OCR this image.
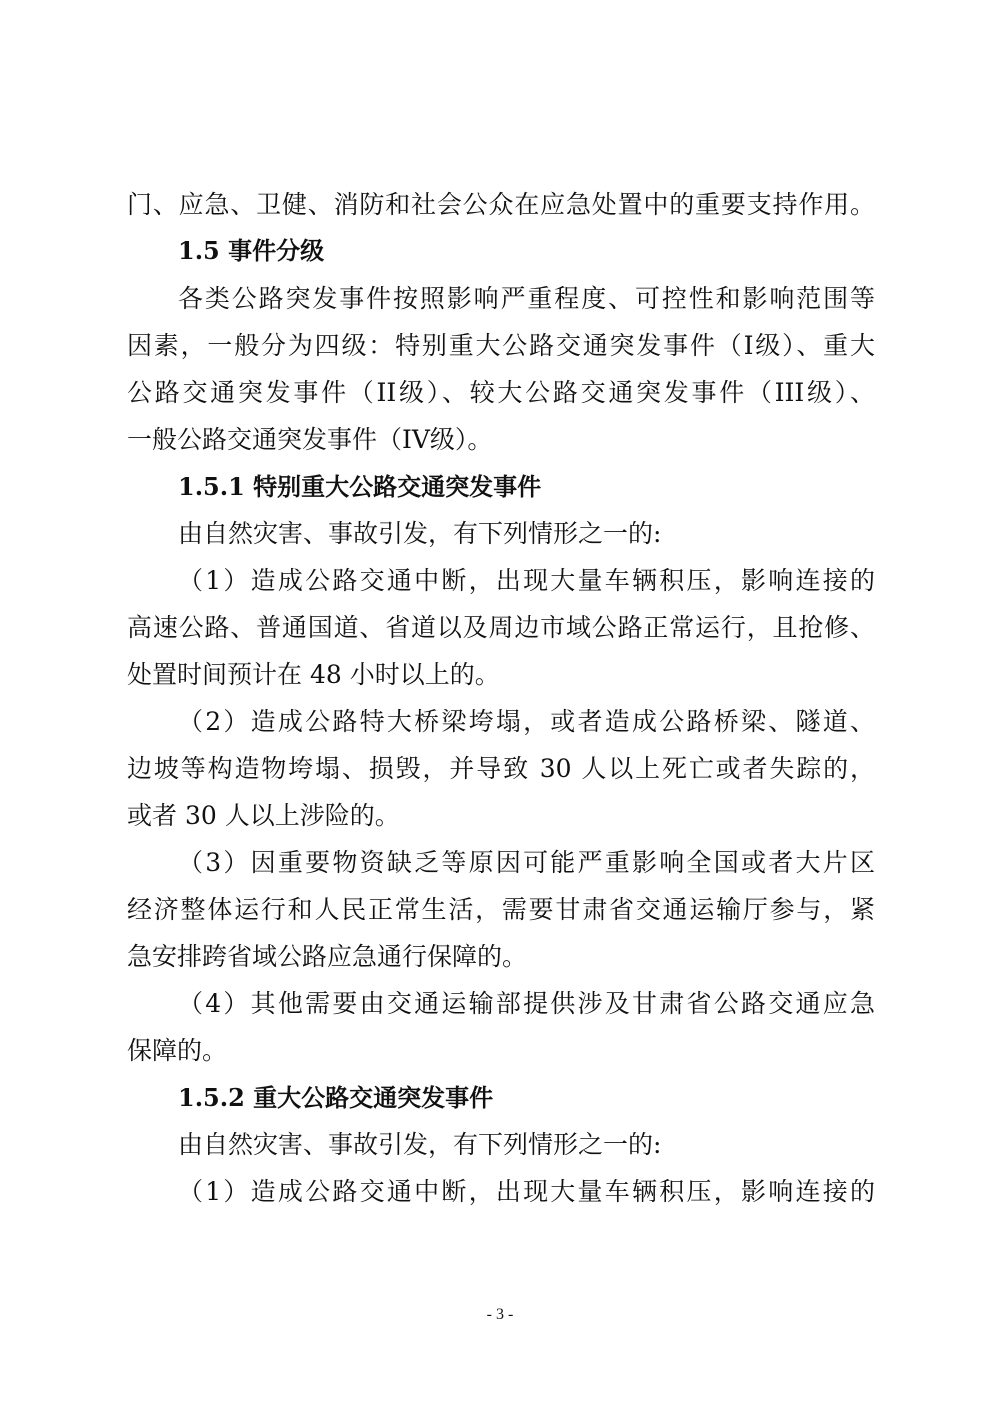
门、应急、卫健、消防和社会公众在应急处置中的重要支持作用。
1.5 事件分级
各类公路突发事件按照影响严重程度、可控性和影响范围等
因素，一般分为四级：特别重大公路交通突发事件（I级）、重大
公路交通突发事件（II级）、较大公路交通突发事件（III级）、
一般公路交通突发事件（IV级）。
1.5.1 特别重大公路交通突发事件
由自然灾害、事故引发，有下列情形之一的:
（1）造成公路交通中断，出现大量车辆积压，影响连接的
高速公路、普通国道、省道以及周边市域公路正常运行，且抢修、
处置时间预计在 48 小时以上的。
（2）造成公路特大桥梁垮塌，或者造成公路桥梁、隧道、
边坡等构造物垮塌、损毁，并导致 30 人以上死亡或者失踪的，
或者 30 人以上涉险的。
（3）因重要物资缺乏等原因可能严重影响全国或者大片区
经济整体运行和人民正常生活，需要甘肃省交通运输厅参与，紧
急安排跨省域公路应急通行保障的。
（4）其他需要由交通运输部提供涉及甘肃省公路交通应急
保障的。
1.5.2 重大公路交通突发事件
由自然灾害、事故引发，有下列情形之一的:
（1）造成公路交通中断，出现大量车辆积压，影响连接的
- 3 -
